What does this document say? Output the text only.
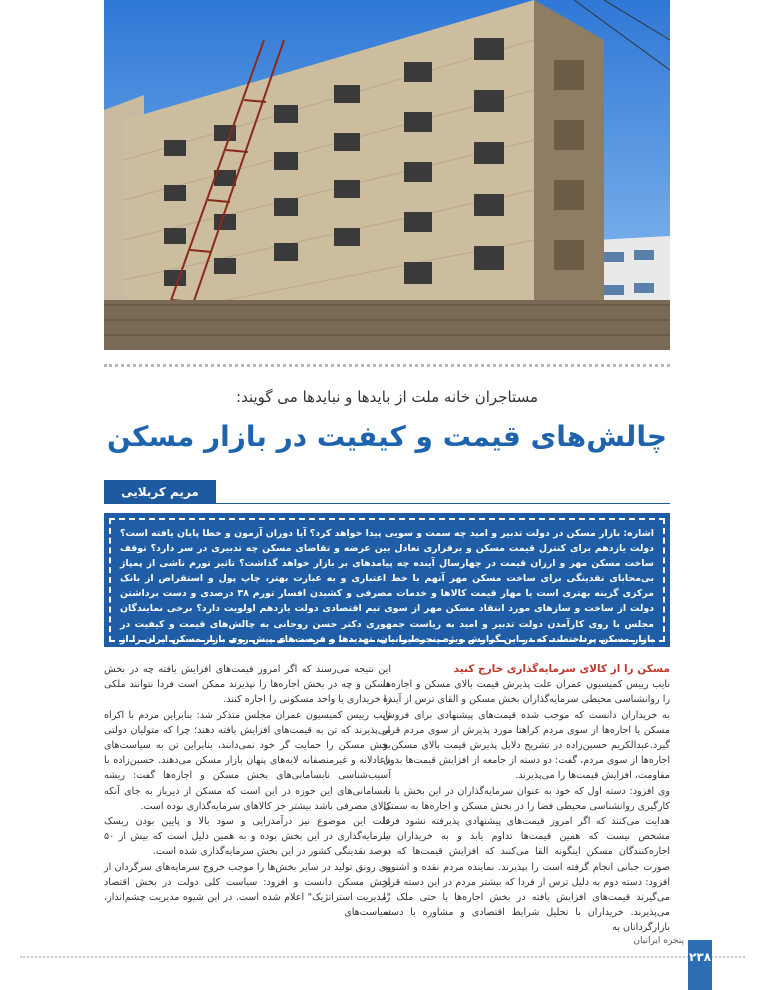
مستاجران خانه ملت از بایدها و نبایدها می گویند:
چالش‌های قیمت و کیفیت در بازار مسکن
مریم کربلایی
اشاره: بازار مسکن در دولت تدبیر و امید چه سمت و سویی پیدا خواهد کرد؟ آیا دوران آزمون و خطا پایان یافته است؟ دولت یازدهم برای کنترل قیمت مسکن و برقراری تعادل بین عرضه و تقاضای مسکن چه تدبیری در سر دارد؟ توقف ساخت مسکن مهر و ارزان قیمت در چهارسال آینده چه پیامدهای بر بازار خواهد گذاشت؟ تاثیر تورم ناشی از پمپاژ بی‌محابای نقدینگی برای ساخت مسکن مهر آنهم با خط اعتباری و به عبارت بهتر، چاپ پول و استقراض از بانک مرکزی گزینه بهتری است یا مهار قیمت کالاها و خدمات مصرفی و کشیدن افسار تورم ۳۸ درصدی و دست برداشتن دولت از ساخت و سازهای مورد انتقاد مسکن مهر از سوی تیم اقتصادی دولت یازدهم اولویت دارد؟ برخی نمایندگان مجلس با روی کارآمدن دولت تدبیر و امید به ریاست جمهوری دکتر حسن روحانی به چالش‌های قیمت و کیفیت در بازار مسکن پرداخته‌اند که در این گزارش ویژه پنجره‌ایرانیان، تهدیدها و فرصت‌های پیش روی بازار مسکن ایران را از نگاه مستاجران خانه ملت می‌خوانید:

مسکن را از کالای سرمایه‌گذاری خارج کنید

نایب رییس کمیسیون عمران علت پذیرش قیمت بالای مسکن و اجاره‌ها را روانشناسی محیطی سرمایه‌گذاران بخش مسکن و القای ترس از آینده به خریداران دانست که موجب شده قیمت‌های پیشنهادی برای فروش مسکن یا اجاره‌ها از سوی مردم کراهتا مورد پذیرش از سوی مردم قرار گیرد.عبدالکریم حسین‌زاده در تشریح دلایل پذیرش قیمت بالای مسکن و اجاره‌ها از سوی مردم، گفت: دو دسته از جامعه از افزایش قیمت‌ها بدون مقاومت، افزایش قیمت‌ها را می‌پذیرند.

وی افزود: دسته اول که خود به عنوان سرمایه‌گذاران در این بخش با به کارگیری روانشناسی محیطی فضا را در بخش مسکن و اجاره‌ها به سمتی هدایت می‌کنند که اگر امروز قیمت‌های پیشنهادی پذیرفته نشود فردا مشخص نیست که همین قیمت‌ها تداوم یابد و به خریداران یا اجاره‌کنندگان مسکن اینگونه القا می‌کنند که افزایش قیمت‌ها که به صورت جبانی انجام گرفته است را بپذیرند. نماینده مردم نقده و اشنویه افزود: دسته دوم به دلیل ترس از فردا که بیشتر مردم در این دسته قرار می‌گیرند قیمت‌های افزایش یافته در بخش اجاره‌ها یا حتی ملک را می‌پذیرند. خریداران با تحلیل شرایط اقتصادی و مشاوره با دسته بازارگردانان به

این نتیجه می‌رسند که اگر امروز قیمت‌های افزایش یافته چه در بخش مسکن و چه در بخش اجاره‌ها را نپذیرند ممکن است فردا نتوانند ملکی را خریداری یا واحد مسکونی را اجاره کنند.

نایب رییس کمیسیون عمران مجلس متذکر شد: بنابراین مردم با اکراه می‌پذیرند که تن به قیمت‌های افزایش یافته دهند؛ چرا که متولیان دولتی بخش مسکن را حمایت گر خود نمی‌دانند، بنابراین تن به سیاست‌های ناعادلانه و غیرمنصفانه لایه‌های پنهان بازار مسکن می‌دهند. حسین‌زاده با آسیب‌شناسی نابسامانی‌های بخش مسکن و اجاره‌ها گفت: ریشه نابسامانی‌های این حوزه در این است که مسکن از دیرباز به جای آنکه کالای مصرفی باشد بیشتر جز کالاهای سرمایه‌گذاری بوده است.

علت این موضوع نیز درآمدزایی و سود بالا و پایین بودن ریسک سرمایه‌گذاری در این بخش بوده و به همین دلیل است که بیش از ۵۰ درصد نقدینگی کشور در این بخش سرمایه‌گذاری شده است.

وی رونق تولید در سایر بخش‌ها را موجب خروج سرمایه‌های سرگردان از بخش مسکن دانست و افزود: سیاست کلی دولت در بخش اقتصاد "مدیریت استراتژیک" اعلام شده است. در این شیوه مدیریت چشم‌انداز، سیاست‌های

پنجره ایرانیان
۲۳۸
